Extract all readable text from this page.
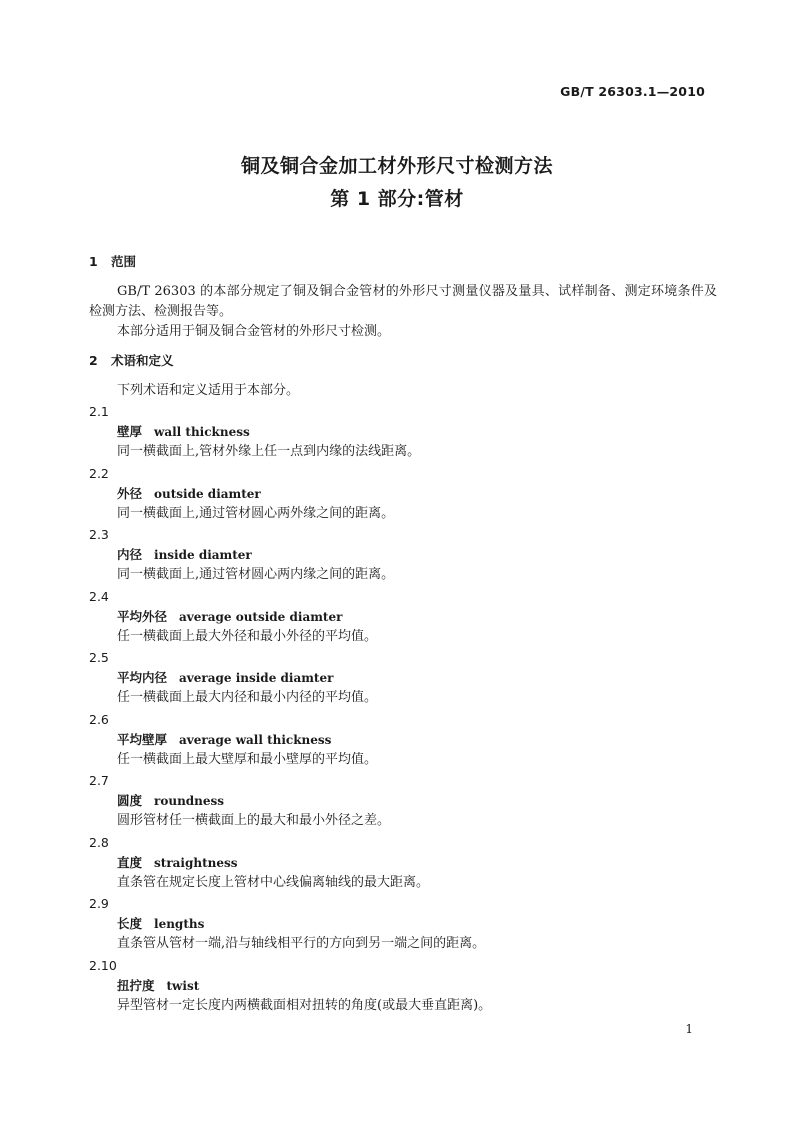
GB/T 26303.1—2010
铜及铜合金加工材外形尺寸检测方法
第 1 部分:管材
1 范围

GB/T 26303 的本部分规定了铜及铜合金管材的外形尺寸测量仪器及量具、试样制备、测定环境条件及检测方法、检测报告等。

本部分适用于铜及铜合金管材的外形尺寸检测。

2 术语和定义

下列术语和定义适用于本部分。

2.1
壁厚 wall thickness
同一横截面上,管材外缘上任一点到内缘的法线距离。
2.2
外径 outside diamter
同一横截面上,通过管材圆心两外缘之间的距离。
2.3
内径 inside diamter
同一横截面上,通过管材圆心两内缘之间的距离。
2.4
平均外径 average outside diamter
任一横截面上最大外径和最小外径的平均值。
2.5
平均内径 average inside diamter
任一横截面上最大内径和最小内径的平均值。
2.6
平均壁厚 average wall thickness
任一横截面上最大壁厚和最小壁厚的平均值。
2.7
圆度 roundness
圆形管材任一横截面上的最大和最小外径之差。
2.8
直度 straightness
直条管在规定长度上管材中心线偏离轴线的最大距离。
2.9
长度 lengths
直条管从管材一端,沿与轴线相平行的方向到另一端之间的距离。
2.10
扭拧度 twist
异型管材一定长度内两横截面相对扭转的角度(或最大垂直距离)。
1
